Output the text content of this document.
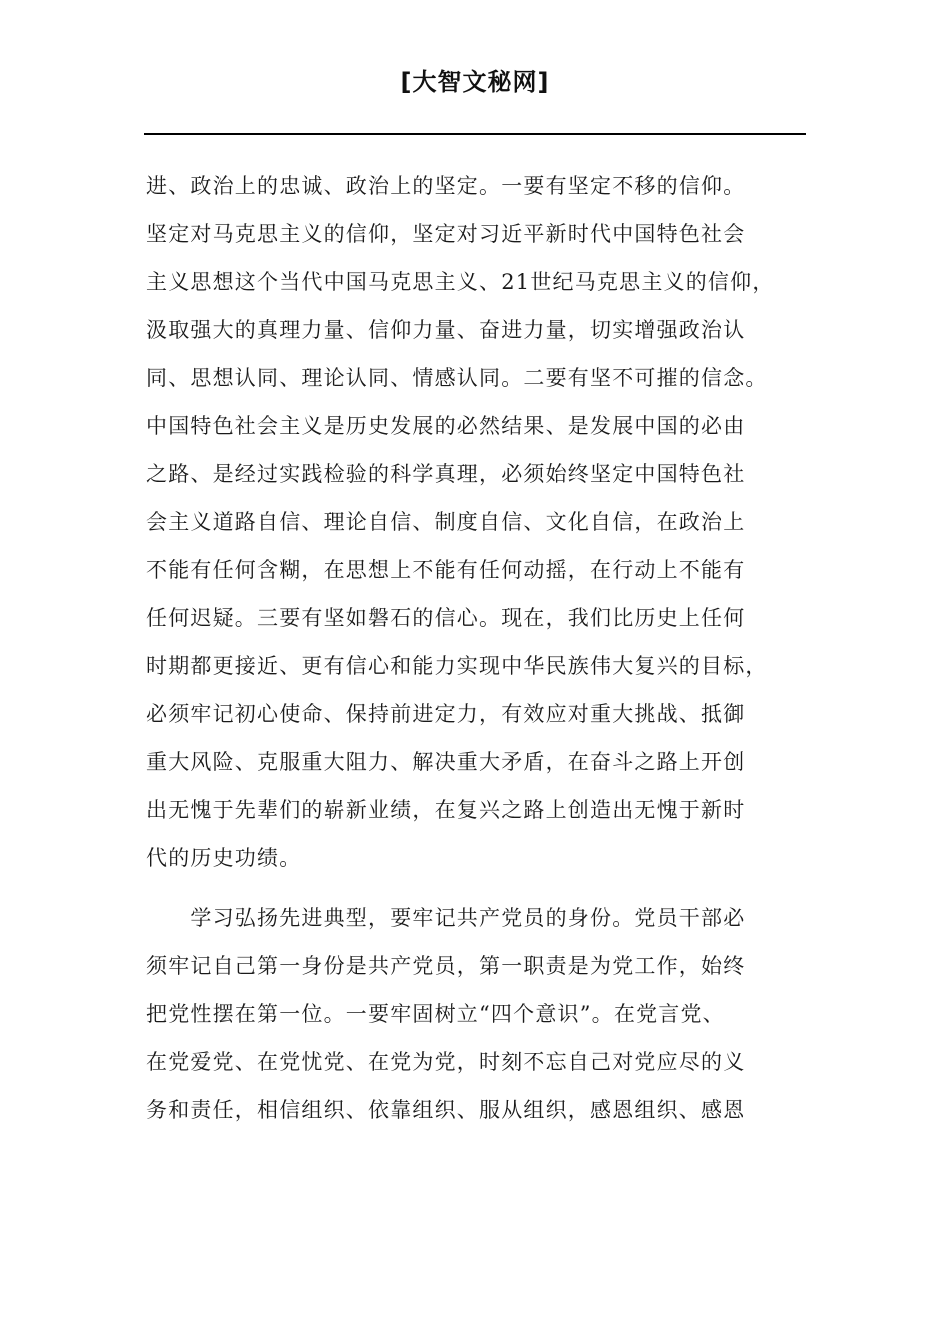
[大智文秘网]
进、政治上的忠诚、政治上的坚定。一要有坚定不移的信仰。
坚定对马克思主义的信仰，坚定对习近平新时代中国特色社会
主义思想这个当代中国马克思主义、21世纪马克思主义的信仰，
汲取强大的真理力量、信仰力量、奋进力量，切实增强政治认
同、思想认同、理论认同、情感认同。二要有坚不可摧的信念。
中国特色社会主义是历史发展的必然结果、是发展中国的必由
之路、是经过实践检验的科学真理，必须始终坚定中国特色社
会主义道路自信、理论自信、制度自信、文化自信，在政治上
不能有任何含糊，在思想上不能有任何动摇，在行动上不能有
任何迟疑。三要有坚如磐石的信心。现在，我们比历史上任何
时期都更接近、更有信心和能力实现中华民族伟大复兴的目标，
必须牢记初心使命、保持前进定力，有效应对重大挑战、抵御
重大风险、克服重大阻力、解决重大矛盾，在奋斗之路上开创
出无愧于先辈们的崭新业绩，在复兴之路上创造出无愧于新时
代的历史功绩。
　　学习弘扬先进典型，要牢记共产党员的身份。党员干部必
须牢记自己第一身份是共产党员，第一职责是为党工作，始终
把党性摆在第一位。一要牢固树立“四个意识”。在党言党、
在党爱党、在党忧党、在党为党，时刻不忘自己对党应尽的义
务和责任，相信组织、依靠组织、服从组织，感恩组织、感恩
